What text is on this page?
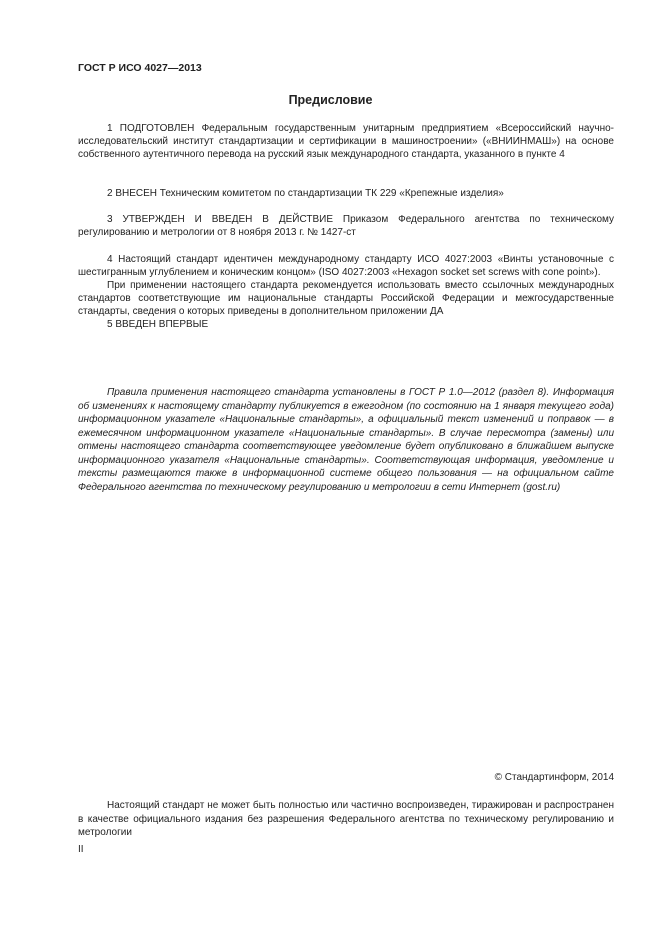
ГОСТ Р ИСО 4027—2013
Предисловие

1 ПОДГОТОВЛЕН Федеральным государственным унитарным предприятием «Всероссийский научно-исследовательский институт стандартизации и сертификации в машиностроении» («ВНИИНМАШ») на основе собственного аутентичного перевода на русский язык международного стандарта, указанного в пункте 4

2 ВНЕСЕН Техническим комитетом по стандартизации ТК 229 «Крепежные изделия»

3 УТВЕРЖДЕН И ВВЕДЕН В ДЕЙСТВИЕ Приказом Федерального агентства по техническому регулированию и метрологии от 8 ноября 2013 г. № 1427-ст

4 Настоящий стандарт идентичен международному стандарту ИСО 4027:2003 «Винты установочные с шестигранным углублением и коническим концом» (ISO 4027:2003 «Hexagon socket set screws with cone point»).

При применении настоящего стандарта рекомендуется использовать вместо ссылочных международных стандартов соответствующие им национальные стандарты Российской Федерации и межгосударственные стандарты, сведения о которых приведены в дополнительном приложении ДА

5 ВВЕДЕН ВПЕРВЫЕ

Правила применения настоящего стандарта установлены в ГОСТ Р 1.0—2012 (раздел 8). Информация об изменениях к настоящему стандарту публикуется в ежегодном (по состоянию на 1 января текущего года) информационном указателе «Национальные стандарты», а официальный текст изменений и поправок — в ежемесячном информационном указателе «Национальные стандарты». В случае пересмотра (замены) или отмены настоящего стандарта соответствующее уведомление будет опубликовано в ближайшем выпуске информационного указателя «Национальные стандарты». Соответствующая информация, уведомление и тексты размещаются также в информационной системе общего пользования — на официальном сайте Федерального агентства по техническому регулированию и метрологии в сети Интернет (gost.ru)
© Стандартинформ, 2014
Настоящий стандарт не может быть полностью или частично воспроизведен, тиражирован и распространен в качестве официального издания без разрешения Федерального агентства по техническому регулированию и метрологии
II
